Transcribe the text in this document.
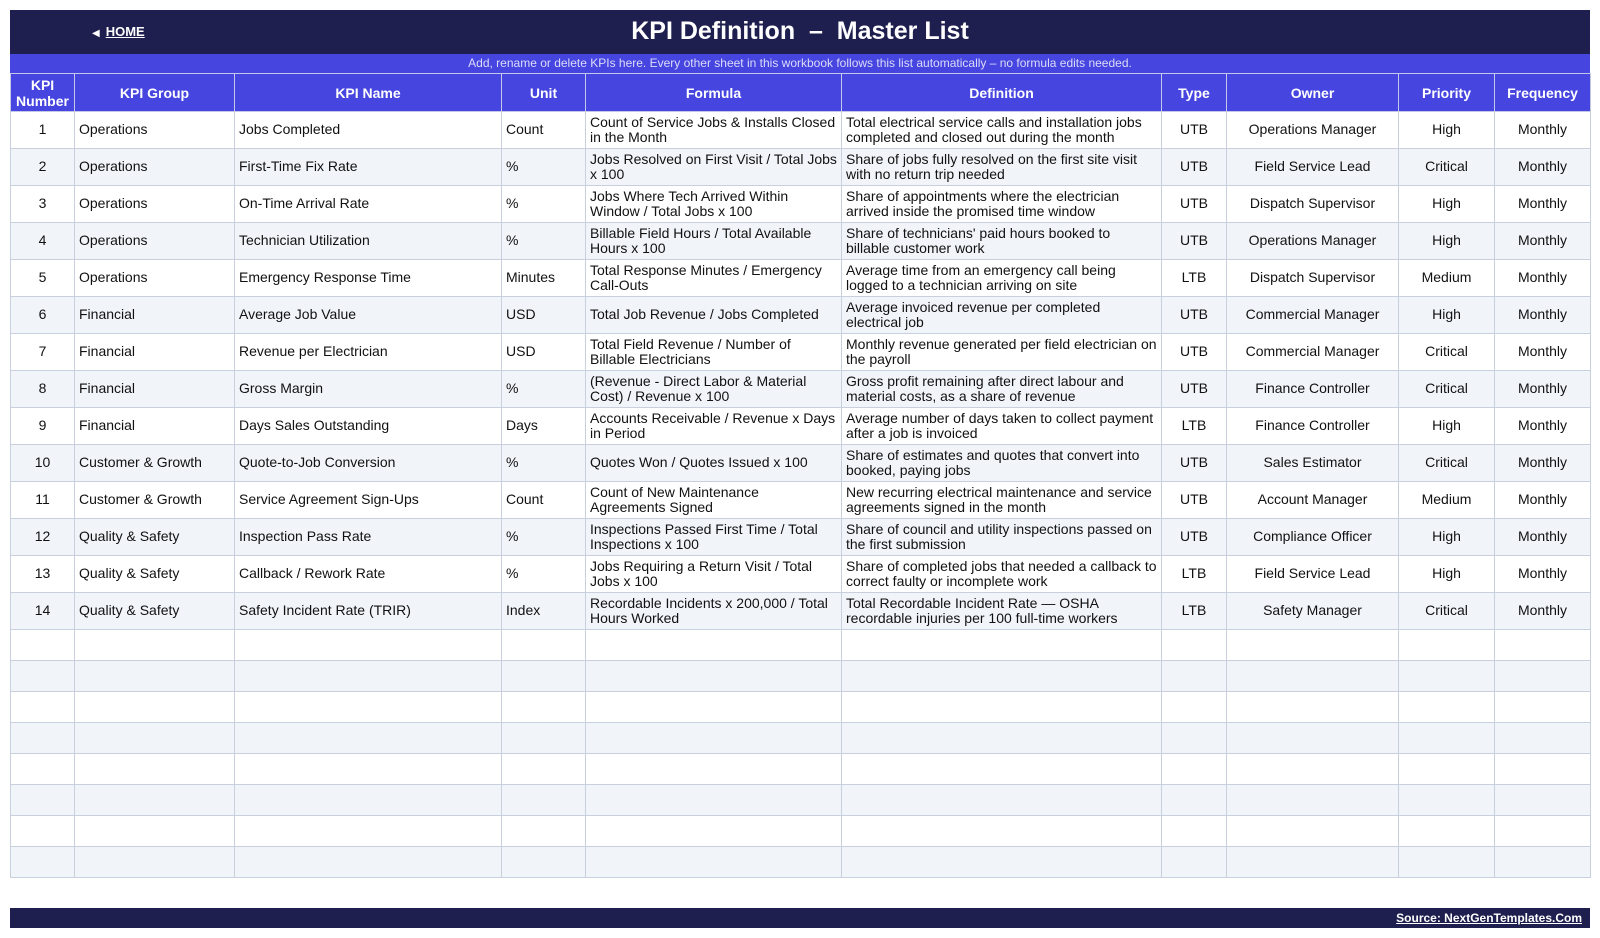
◀ HOME	KPI Definition  –  Master List
Add, rename or delete KPIs here. Every other sheet in this workbook follows this list automatically – no formula edits needed.
KPI Number	KPI Group	KPI Name	Unit	Formula	Definition	Type	Owner	Priority	Frequency
1	Operations	Jobs Completed	Count	Count of Service Jobs & Installs Closed in the Month	Total electrical service calls and installation jobs completed and closed out during the month	UTB	Operations Manager	High	Monthly
2	Operations	First-Time Fix Rate	%	Jobs Resolved on First Visit / Total Jobs x 100	Share of jobs fully resolved on the first site visit with no return trip needed	UTB	Field Service Lead	Critical	Monthly
3	Operations	On-Time Arrival Rate	%	Jobs Where Tech Arrived Within Window / Total Jobs x 100	Share of appointments where the electrician arrived inside the promised time window	UTB	Dispatch Supervisor	High	Monthly
4	Operations	Technician Utilization	%	Billable Field Hours / Total Available Hours x 100	Share of technicians' paid hours booked to billable customer work	UTB	Operations Manager	High	Monthly
5	Operations	Emergency Response Time	Minutes	Total Response Minutes / Emergency Call-Outs	Average time from an emergency call being logged to a technician arriving on site	LTB	Dispatch Supervisor	Medium	Monthly
6	Financial	Average Job Value	USD	Total Job Revenue / Jobs Completed	Average invoiced revenue per completed electrical job	UTB	Commercial Manager	High	Monthly
7	Financial	Revenue per Electrician	USD	Total Field Revenue / Number of Billable Electricians	Monthly revenue generated per field electrician on the payroll	UTB	Commercial Manager	Critical	Monthly
8	Financial	Gross Margin	%	(Revenue - Direct Labor & Material Cost) / Revenue x 100	Gross profit remaining after direct labour and material costs, as a share of revenue	UTB	Finance Controller	Critical	Monthly
9	Financial	Days Sales Outstanding	Days	Accounts Receivable / Revenue x Days in Period	Average number of days taken to collect payment after a job is invoiced	LTB	Finance Controller	High	Monthly
10	Customer & Growth	Quote-to-Job Conversion	%	Quotes Won / Quotes Issued x 100	Share of estimates and quotes that convert into booked, paying jobs	UTB	Sales Estimator	Critical	Monthly
11	Customer & Growth	Service Agreement Sign-Ups	Count	Count of New Maintenance Agreements Signed	New recurring electrical maintenance and service agreements signed in the month	UTB	Account Manager	Medium	Monthly
12	Quality & Safety	Inspection Pass Rate	%	Inspections Passed First Time / Total Inspections x 100	Share of council and utility inspections passed on the first submission	UTB	Compliance Officer	High	Monthly
13	Quality & Safety	Callback / Rework Rate	%	Jobs Requiring a Return Visit / Total Jobs x 100	Share of completed jobs that needed a callback to correct faulty or incomplete work	LTB	Field Service Lead	High	Monthly
14	Quality & Safety	Safety Incident Rate (TRIR)	Index	Recordable Incidents x 200,000 / Total Hours Worked	Total Recordable Incident Rate — OSHA recordable injuries per 100 full-time workers	LTB	Safety Manager	Critical	Monthly

Source: NextGenTemplates.Com
